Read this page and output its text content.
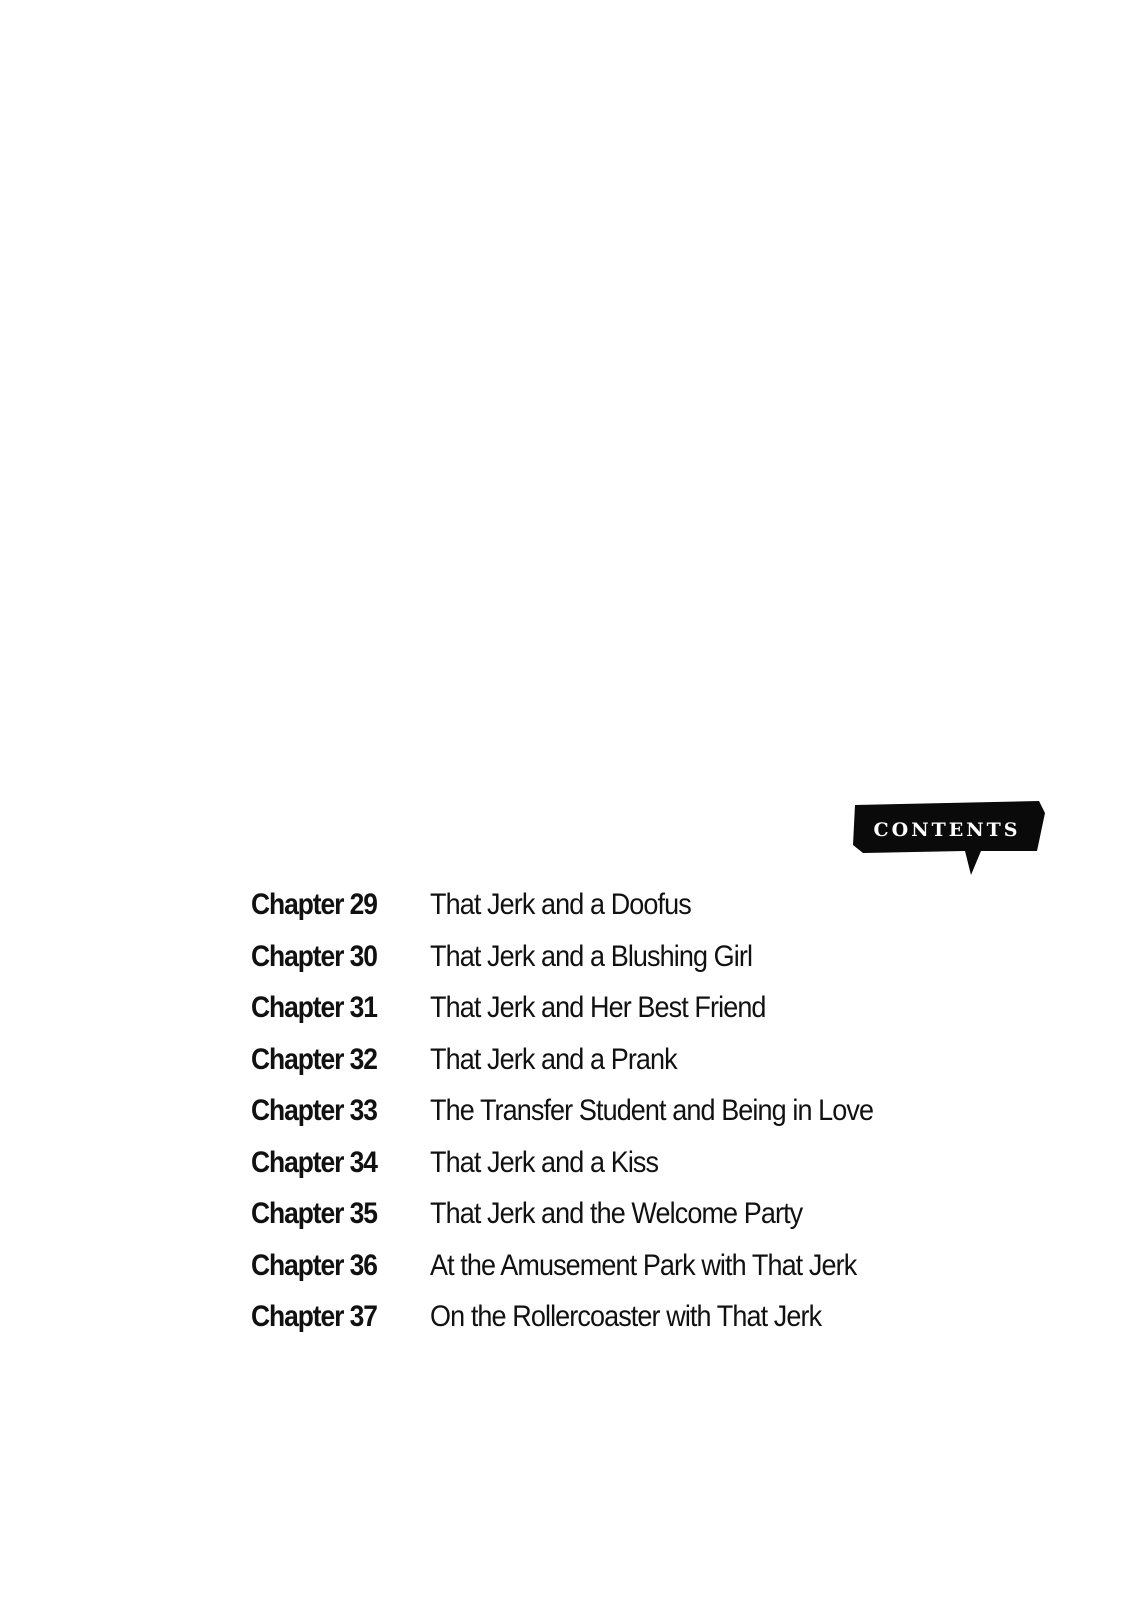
CONTENTS
Chapter 29	That Jerk and a Doofus
Chapter 30	That Jerk and a Blushing Girl
Chapter 31	That Jerk and Her Best Friend
Chapter 32	That Jerk and a Prank
Chapter 33	The Transfer Student and Being in Love
Chapter 34	That Jerk and a Kiss
Chapter 35	That Jerk and the Welcome Party
Chapter 36	At the Amusement Park with That Jerk
Chapter 37	On the Rollercoaster with That Jerk
